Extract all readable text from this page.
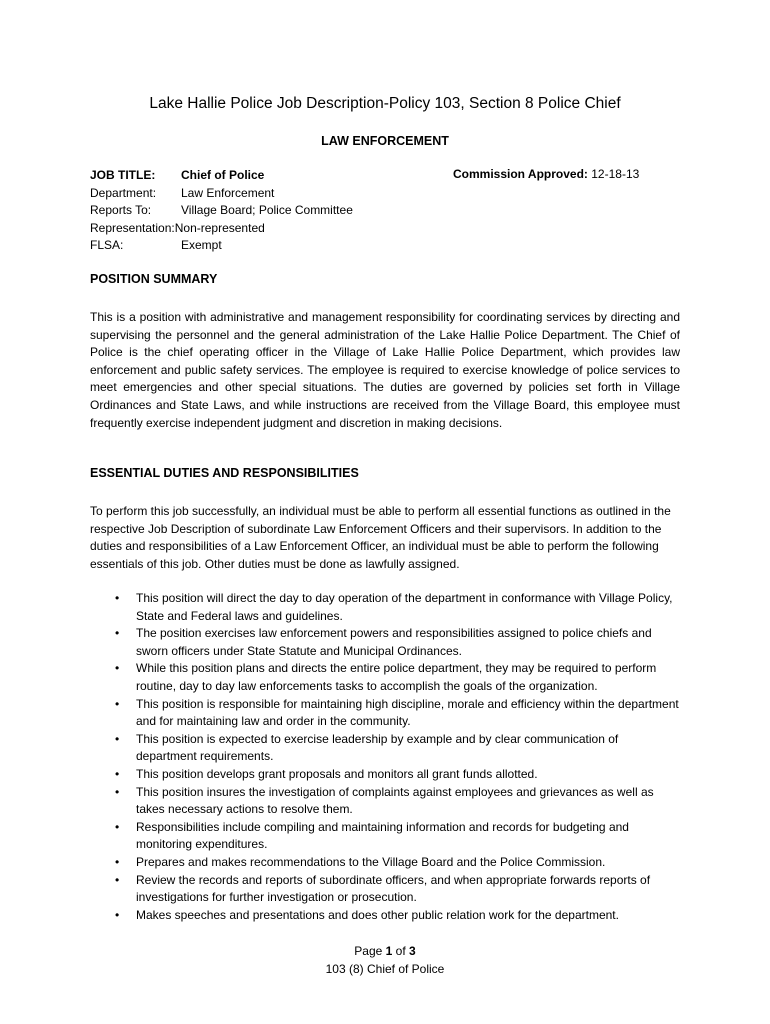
Lake Hallie Police Job Description-Policy 103, Section 8 Police Chief
LAW ENFORCEMENT
JOB TITLE:	Chief of Police
Department:	Law Enforcement
Reports To:	Village Board; Police Committee
Representation: Non-represented
FLSA:	Exempt
Commission Approved: 12-18-13
POSITION SUMMARY

This is a position with administrative and management responsibility for coordinating services by directing and supervising the personnel and the general administration of the Lake Hallie Police Department. The Chief of Police is the chief operating officer in the Village of Lake Hallie Police Department, which provides law enforcement and public safety services. The employee is required to exercise knowledge of police services to meet emergencies and other special situations. The duties are governed by policies set forth in Village Ordinances and State Laws, and while instructions are received from the Village Board, this employee must frequently exercise independent judgment and discretion in making decisions.

ESSENTIAL DUTIES AND RESPONSIBILITIES

To perform this job successfully, an individual must be able to perform all essential functions as outlined in the respective Job Description of subordinate Law Enforcement Officers and their supervisors. In addition to the duties and responsibilities of a Law Enforcement Officer, an individual must be able to perform the following essentials of this job. Other duties must be done as lawfully assigned.

• This position will direct the day to day operation of the department in conformance with Village Policy, State and Federal laws and guidelines.
• The position exercises law enforcement powers and responsibilities assigned to police chiefs and sworn officers under State Statute and Municipal Ordinances.
• While this position plans and directs the entire police department, they may be required to perform routine, day to day law enforcements tasks to accomplish the goals of the organization.
• This position is responsible for maintaining high discipline, morale and efficiency within the department and for maintaining law and order in the community.
• This position is expected to exercise leadership by example and by clear communication of department requirements.
• This position develops grant proposals and monitors all grant funds allotted.
• This position insures the investigation of complaints against employees and grievances as well as takes necessary actions to resolve them.
• Responsibilities include compiling and maintaining information and records for budgeting and monitoring expenditures.
• Prepares and makes recommendations to the Village Board and the Police Commission.
• Review the records and reports of subordinate officers, and when appropriate forwards reports of investigations for further investigation or prosecution.
• Makes speeches and presentations and does other public relation work for the department.
Page 1 of 3
103 (8) Chief of Police
